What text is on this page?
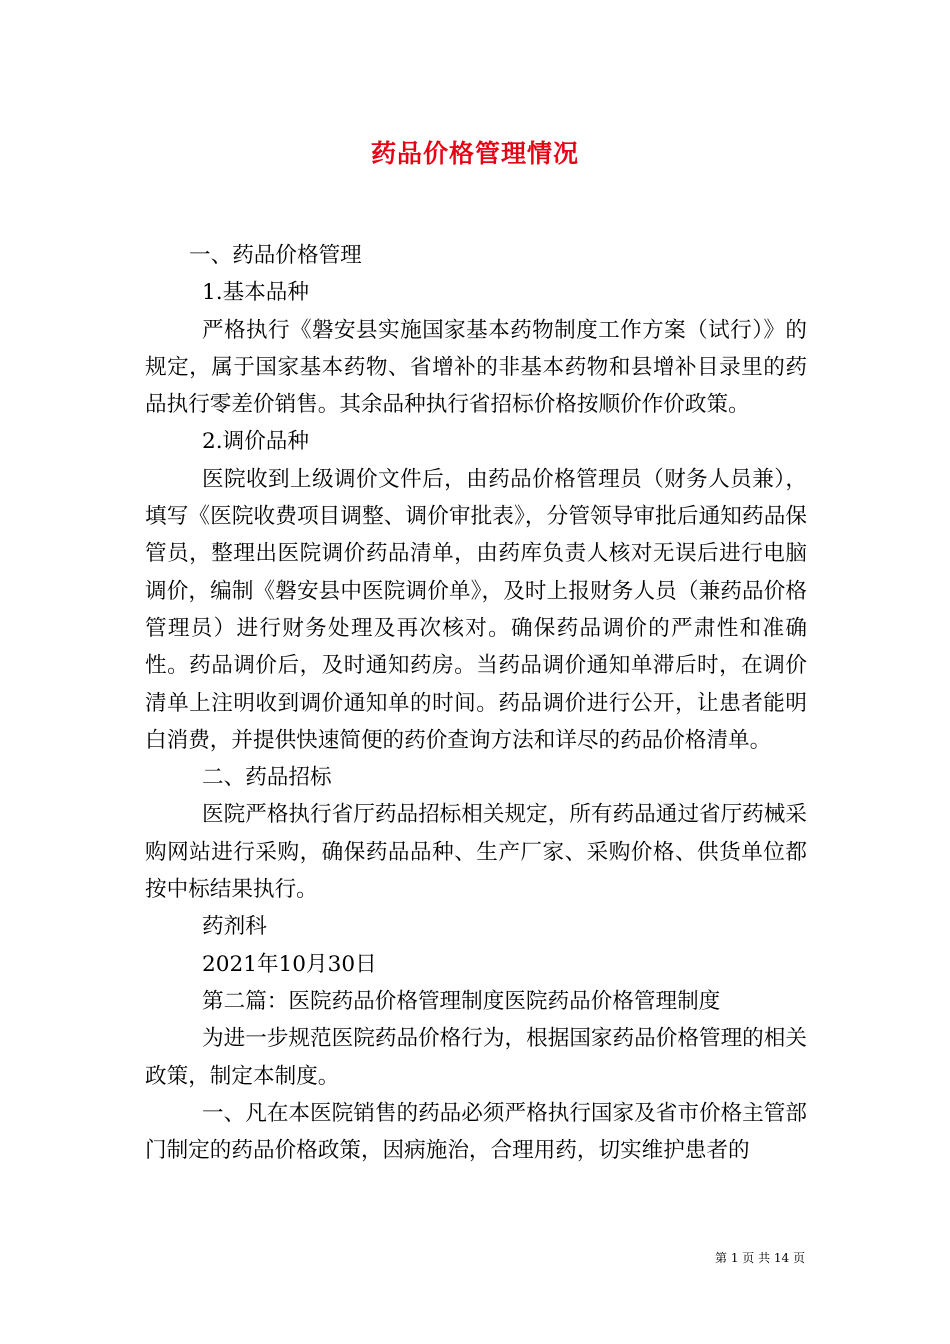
药品价格管理情况

一、药品价格管理

1.基本品种

严格执行《磐安县实施国家基本药物制度工作方案（试行）》的规定，属于国家基本药物、省增补的非基本药物和县增补目录里的药品执行零差价销售。其余品种执行省招标价格按顺价作价政策。

2.调价品种

医院收到上级调价文件后，由药品价格管理员（财务人员兼），填写《医院收费项目调整、调价审批表》，分管领导审批后通知药品保管员，整理出医院调价药品清单，由药库负责人核对无误后进行电脑调价，编制《磐安县中医院调价单》，及时上报财务人员（兼药品价格管理员）进行财务处理及再次核对。确保药品调价的严肃性和准确性。药品调价后，及时通知药房。当药品调价通知单滞后时，在调价清单上注明收到调价通知单的时间。药品调价进行公开，让患者能明白消费，并提供快速简便的药价查询方法和详尽的药品价格清单。

二、药品招标

医院严格执行省厅药品招标相关规定，所有药品通过省厅药械采购网站进行采购，确保药品品种、生产厂家、采购价格、供货单位都按中标结果执行。

药剂科

2021年10月30日

第二篇：医院药品价格管理制度医院药品价格管理制度

为进一步规范医院药品价格行为，根据国家药品价格管理的相关政策，制定本制度。

一、凡在本医院销售的药品必须严格执行国家及省市价格主管部门制定的药品价格政策，因病施治，合理用药，切实维护患者的

第 1 页 共 14 页
